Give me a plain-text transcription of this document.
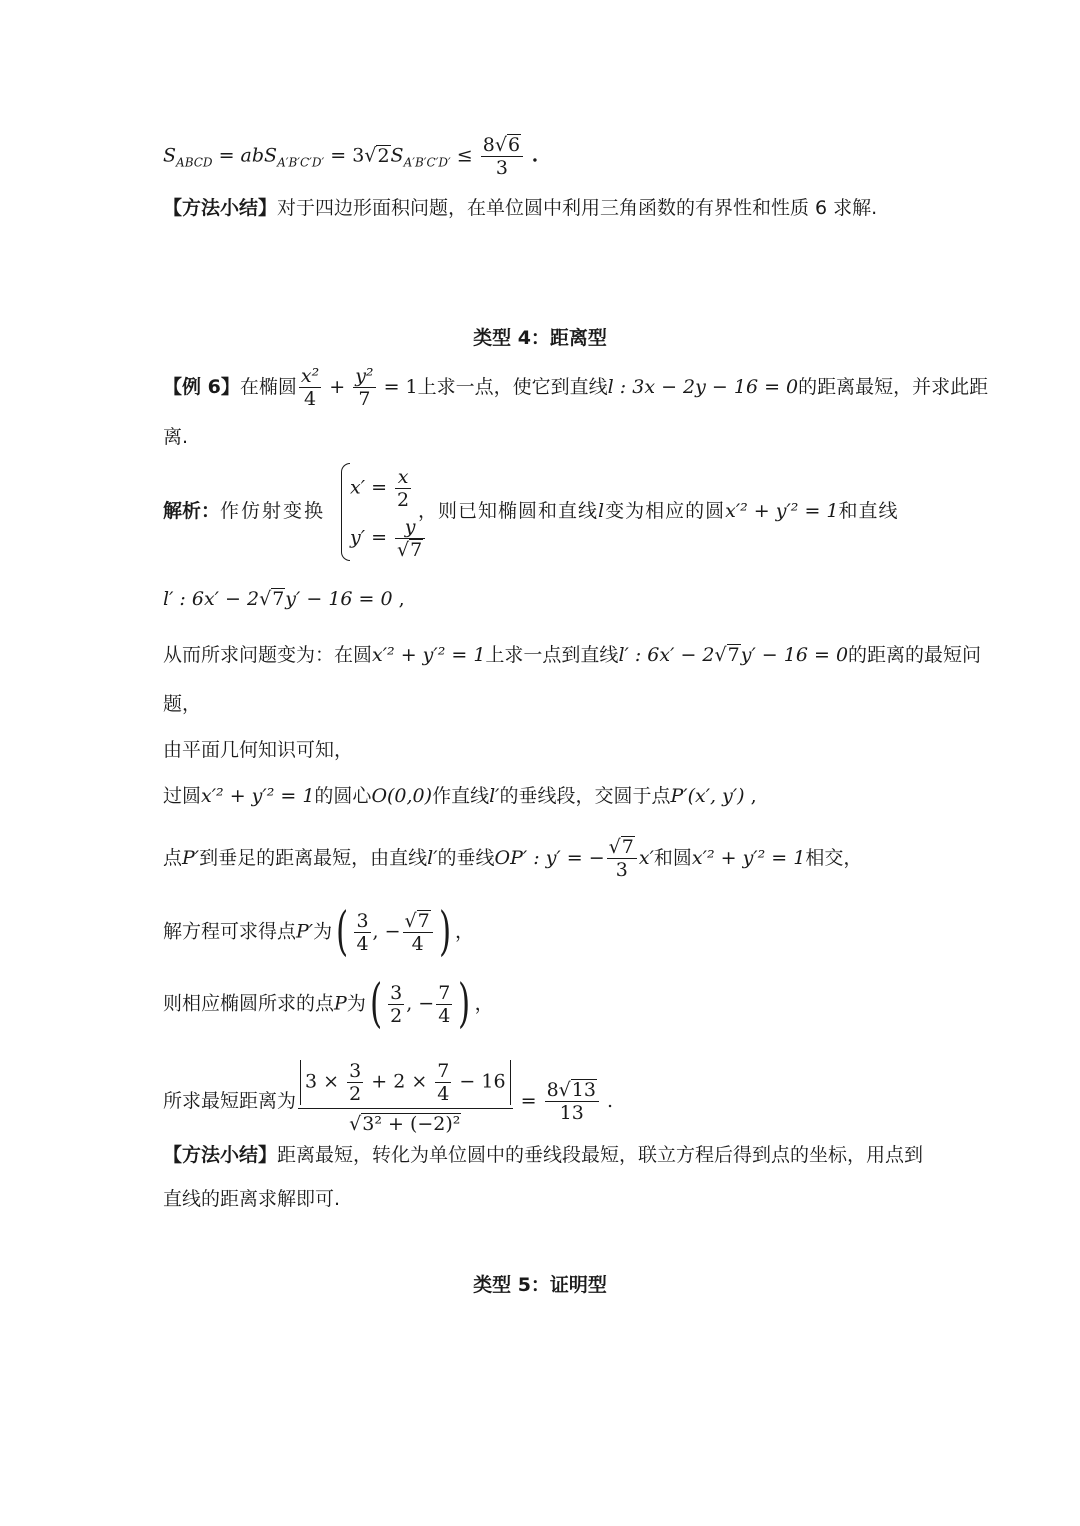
$S_{ABCD} = abS_{A'B'C'D'} = 3√2S_{A'B'C'D'} \le \frac{8√6}{3}$ .
【方法小结】对于四边形面积问题，在单位圆中利用三角函数的有界性和性质 6 求解.
类型 4：距离型
【例 6】在椭圆 $\frac{\text{x²}}{4} + \frac{\text{y²}}{7} = 1$上求一点，使它到直线l : 3x − 2y − 16 = 0的距离最短，并求此距
离.
$x' = \frac{x}{2}$
$y' = \frac{y}{√7}$
解析：作仿射变换	，则已知椭圆和直线l变为相应的圆x′² + y′² = 1和直线
l′ : 6x′ − 2√7y′ − 16 = 0 ,
从而所求问题变为：在圆x′² + y′² = 1上求一点到直线l′ : 6x′ − 2√7y′ − 16 = 0的距离的最短问
题，
由平面几何知识可知，
过圆x′² + y′² = 1的圆心O(0,0)作直线l′的垂线段，交圆于点P′(x′, y′) ,
点P′到垂足的距离最短，由直线l′的垂线OP′ : y′ = − $\frac{√7}{3} x'$和圆x′² + y′² = 1相交，
解方程可求得点P′为( $\frac{3}{4}$ , − $\frac{√7}{4}$ ) ，
则相应椭圆所求的点P为( $\frac{3}{2}$ , − $\frac{7}{4}$ ) ，
所求最短距离为 $\frac{3 \times \frac{3}{2} + 2 \times \frac{7}{4} - 16}{\text{√3² + (−2)²}} = \frac{8√13}{13}$ .
【方法小结】距离最短，转化为单位圆中的垂线段最短，联立方程后得到点的坐标，用点到
直线的距离求解即可.
类型 5：证明型
